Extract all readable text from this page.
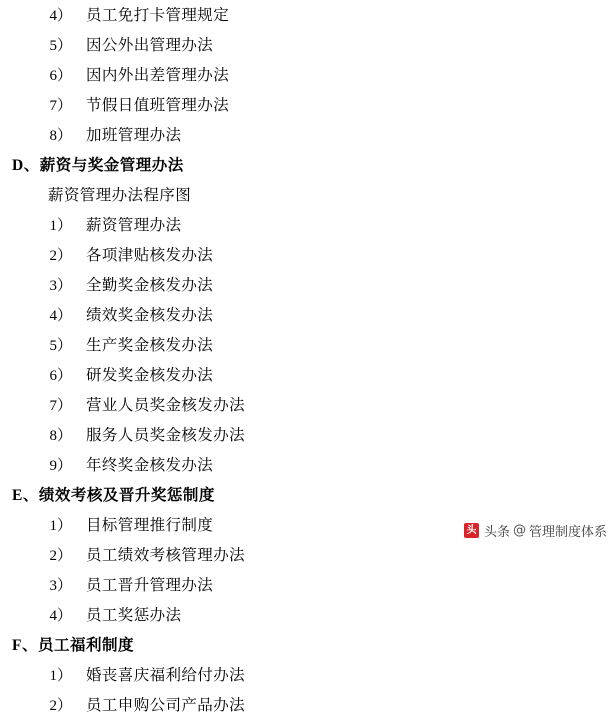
4） 员工免打卡管理规定
5） 因公外出管理办法
6） 因内外出差管理办法
7） 节假日值班管理办法
8） 加班管理办法
D、薪资与奖金管理办法
薪资管理办法程序图
1） 薪资管理办法
2） 各项津贴核发办法
3） 全勤奖金核发办法
4） 绩效奖金核发办法
5） 生产奖金核发办法
6） 研发奖金核发办法
7） 营业人员奖金核发办法
8） 服务人员奖金核发办法
9） 年终奖金核发办法
E、绩效考核及晋升奖惩制度
1） 目标管理推行制度
2） 员工绩效考核管理办法
3） 员工晋升管理办法
4） 员工奖惩办法
F、员工福利制度
1） 婚丧喜庆福利给付办法
2） 员工申购公司产品办法
头 头条 @ 管理制度体系
